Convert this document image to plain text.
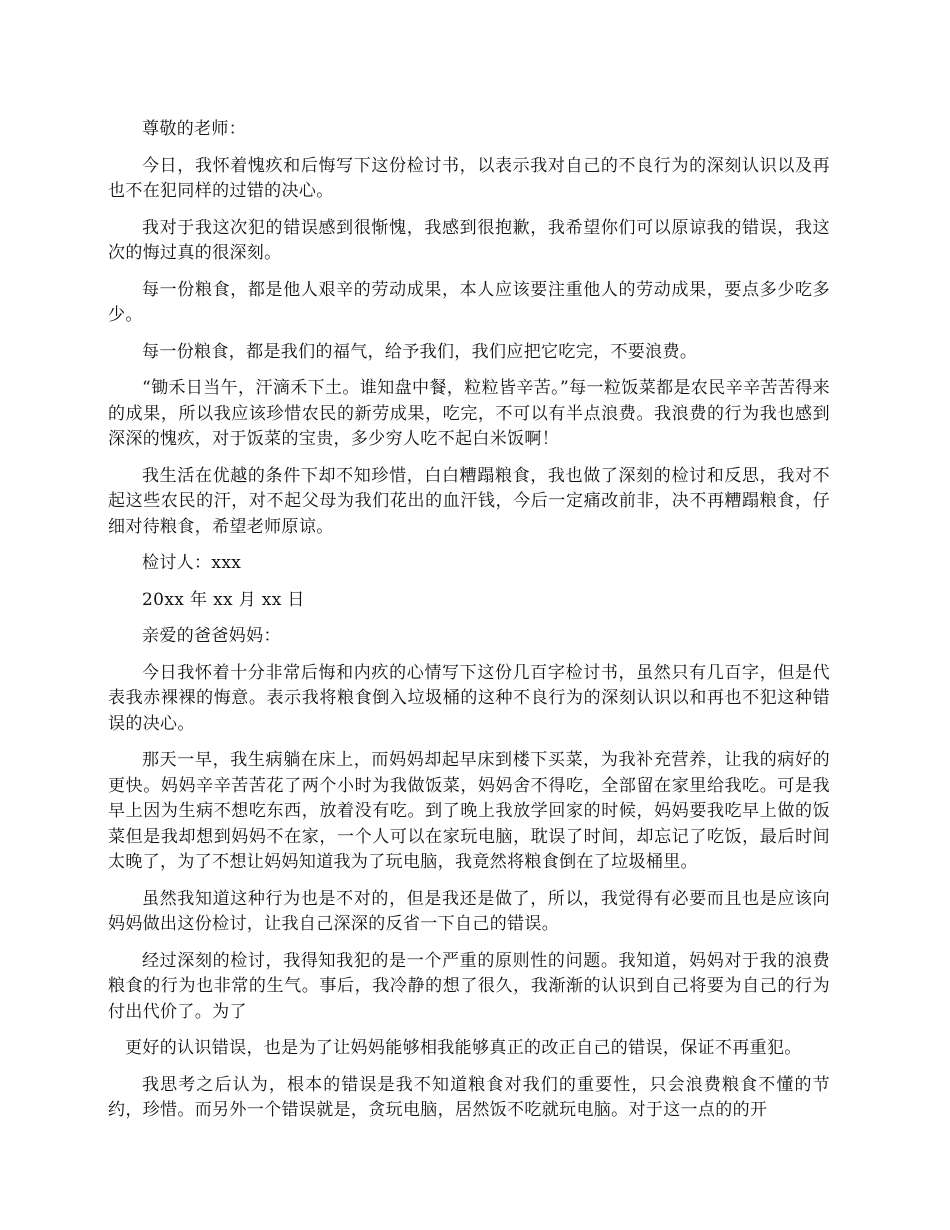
尊敬的老师：

今日，我怀着愧疚和后悔写下这份检讨书，以表示我对自己的不良行为的深刻认识以及再也不在犯同样的过错的决心。

我对于我这次犯的错误感到很惭愧，我感到很抱歉，我希望你们可以原谅我的错误，我这次的悔过真的很深刻。

每一份粮食，都是他人艰辛的劳动成果，本人应该要注重他人的劳动成果，要点多少吃多少。

每一份粮食，都是我们的福气，给予我们，我们应把它吃完，不要浪费。

“锄禾日当午，汗滴禾下土。谁知盘中餐，粒粒皆辛苦。”每一粒饭菜都是农民辛辛苦苦得来的成果，所以我应该珍惜农民的新劳成果，吃完，不可以有半点浪费。我浪费的行为我也感到深深的愧疚，对于饭菜的宝贵，多少穷人吃不起白米饭啊！

我生活在优越的条件下却不知珍惜，白白糟蹋粮食，我也做了深刻的检讨和反思，我对不起这些农民的汗，对不起父母为我们花出的血汗钱，今后一定痛改前非，决不再糟蹋粮食，仔细对待粮食，希望老师原谅。

检讨人：xxx

20xx 年 xx 月 xx 日

亲爱的爸爸妈妈：

今日我怀着十分非常后悔和内疚的心情写下这份几百字检讨书，虽然只有几百字，但是代表我赤裸裸的悔意。表示我将粮食倒入垃圾桶的这种不良行为的深刻认识以和再也不犯这种错误的决心。

那天一早，我生病躺在床上，而妈妈却起早床到楼下买菜，为我补充营养，让我的病好的更快。妈妈辛辛苦苦花了两个小时为我做饭菜，妈妈舍不得吃，全部留在家里给我吃。可是我早上因为生病不想吃东西，放着没有吃。到了晚上我放学回家的时候，妈妈要我吃早上做的饭菜但是我却想到妈妈不在家，一个人可以在家玩电脑，耽误了时间，却忘记了吃饭，最后时间太晚了，为了不想让妈妈知道我为了玩电脑，我竟然将粮食倒在了垃圾桶里。

虽然我知道这种行为也是不对的，但是我还是做了，所以，我觉得有必要而且也是应该向妈妈做出这份检讨，让我自己深深的反省一下自己的错误。

经过深刻的检讨，我得知我犯的是一个严重的原则性的问题。我知道，妈妈对于我的浪费粮食的行为也非常的生气。事后，我冷静的想了很久，我渐渐的认识到自己将要为自己的行为付出代价了。为了

更好的认识错误，也是为了让妈妈能够相我能够真正的改正自己的错误，保证不再重犯。

我思考之后认为，根本的错误是我不知道粮食对我们的重要性，只会浪费粮食不懂的节约，珍惜。而另外一个错误就是，贪玩电脑，居然饭不吃就玩电脑。对于这一点的的开
